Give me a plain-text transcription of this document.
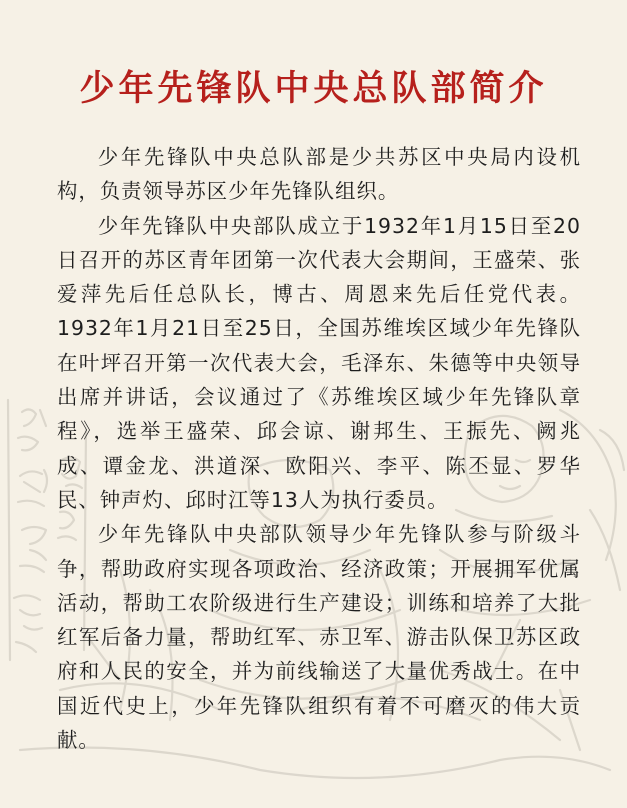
少年先锋队中央总队部简介

少年先锋队中央总队部是少共苏区中央局内设机构，负责领导苏区少年先锋队组织。

少年先锋队中央部队成立于1932年1月15日至20日召开的苏区青年团第一次代表大会期间，王盛荣、张爱萍先后任总队长，博古、周恩来先后任党代表。1932年1月21日至25日，全国苏维埃区域少年先锋队在叶坪召开第一次代表大会，毛泽东、朱德等中央领导出席并讲话，会议通过了《苏维埃区域少年先锋队章程》，选举王盛荣、邱会谅、谢邦生、王振先、阙兆成、谭金龙、洪道深、欧阳兴、李平、陈丕显、罗华民、钟声灼、邱时江等13人为执行委员。

少年先锋队中央部队领导少年先锋队参与阶级斗争，帮助政府实现各项政治、经济政策；开展拥军优属活动，帮助工农阶级进行生产建设；训练和培养了大批红军后备力量，帮助红军、赤卫军、游击队保卫苏区政府和人民的安全，并为前线输送了大量优秀战士。在中国近代史上，少年先锋队组织有着不可磨灭的伟大贡献。
